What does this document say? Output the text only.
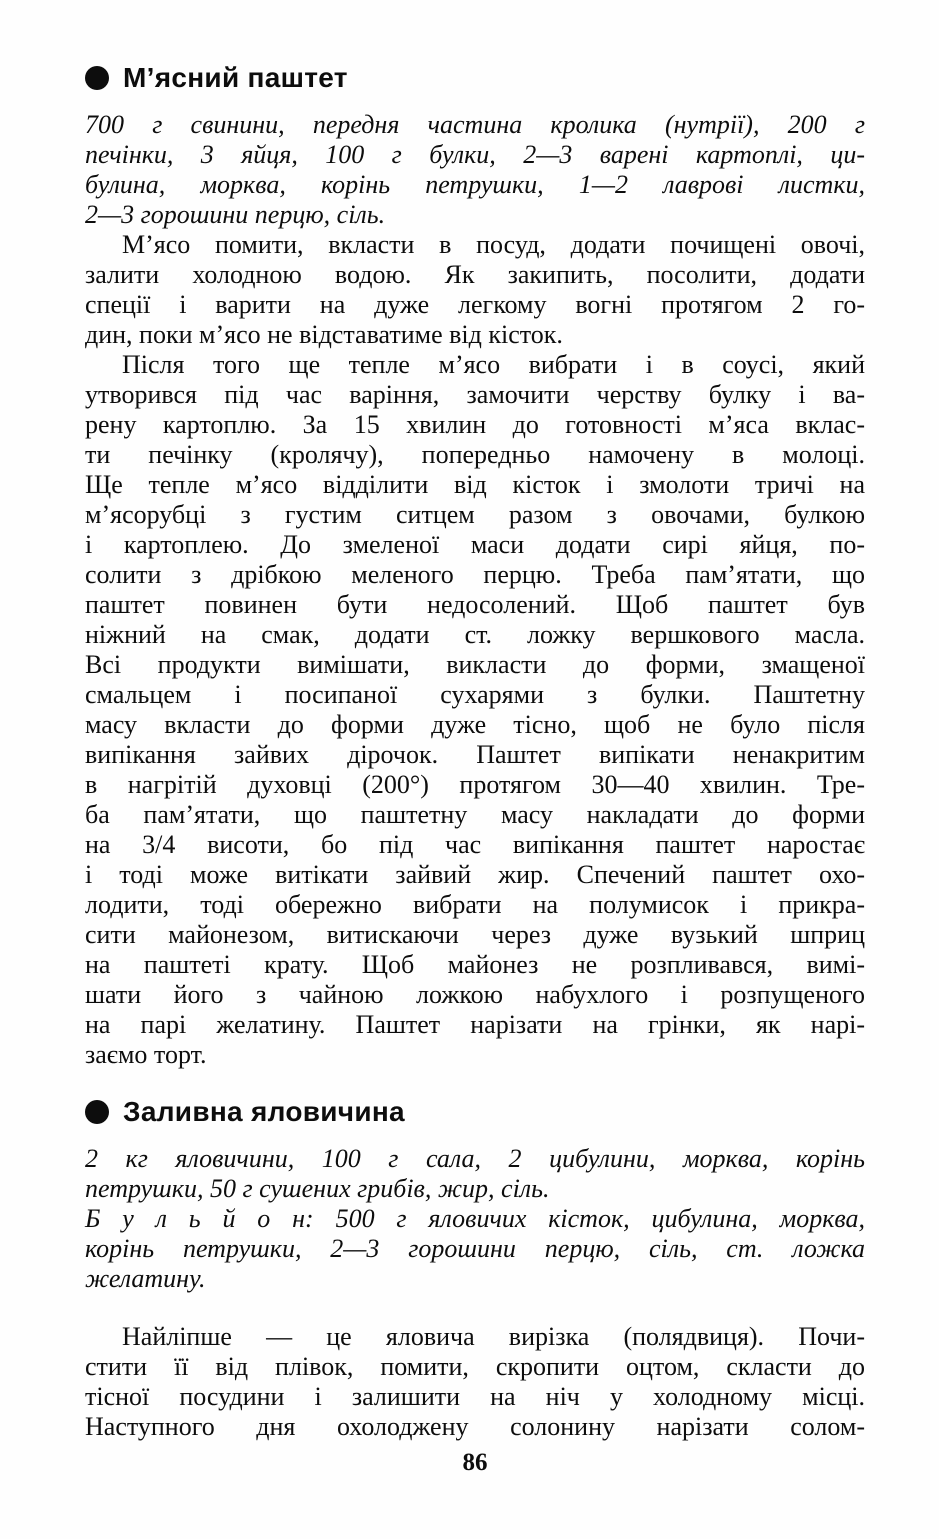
М’ясний паштет
700 г свинини, передня частина кролика (нутрії), 200 г
печінки, 3 яйця, 100 г булки, 2—3 варені картоплі, ци-
булина, морква, корінь петрушки, 1—2 лаврові листки,
2—3 горошини перцю, сіль.
М’ясо помити, вкласти в посуд, додати почищені овочі,
залити холодною водою. Як закипить, посолити, додати
спеції і варити на дуже легкому вогні протягом 2 го-
дин, поки м’ясо не відставатиме від кісток.
Після того ще тепле м’ясо вибрати і в соусі, який
утворився під час варіння, замочити черству булку і ва-
рену картоплю. За 15 хвилин до готовності м’яса вклас-
ти печінку (кролячу), попередньо намочену в молоці.
Ще тепле м’ясо відділити від кісток і змолоти тричі на
м’ясорубці з густим ситцем разом з овочами, булкою
і картоплею. До змеленої маси додати сирі яйця, по-
солити з дрібкою меленого перцю. Треба пам’ятати, що
паштет повинен бути недосолений. Щоб паштет був
ніжний на смак, додати ст. ложку вершкового масла.
Всі продукти вимішати, викласти до форми, змащеної
смальцем і посипаної сухарями з булки. Паштетну
масу вкласти до форми дуже тісно, щоб не було після
випікання зайвих дірочок. Паштет випікати ненакритим
в нагрітій духовці (200°) протягом 30—40 хвилин. Тре-
ба пам’ятати, що паштетну масу накладати до форми
на 3/4 висоти, бо під час випікання паштет наростає
і тоді може витікати зайвий жир. Спечений паштет охо-
лодити, тоді обережно вибрати на полумисок і прикра-
сити майонезом, витискаючи через дуже вузький шприц
на паштеті крату. Щоб майонез не розпливався, вимі-
шати його з чайною ложкою набухлого і розпущеного
на парі желатину. Паштет нарізати на грінки, як нарі-
заємо торт.
Заливна яловичина
2 кг яловичини, 100 г сала, 2 цибулини, морква, корінь
петрушки, 50 г сушених грибів, жир, сіль.
Б у л ь й о н: 500 г яловичих кісток, цибулина, морква,
корінь петрушки, 2—3 горошини перцю, сіль, ст. ложка
желатину.
Найліпше — це яловича вирізка (полядвиця). Почи-
стити її від плівок, помити, скропити оцтом, скласти до
тісної посудини і залишити на ніч у холодному місці.
Наступного дня охолоджену солонину нарізати солом-
86
